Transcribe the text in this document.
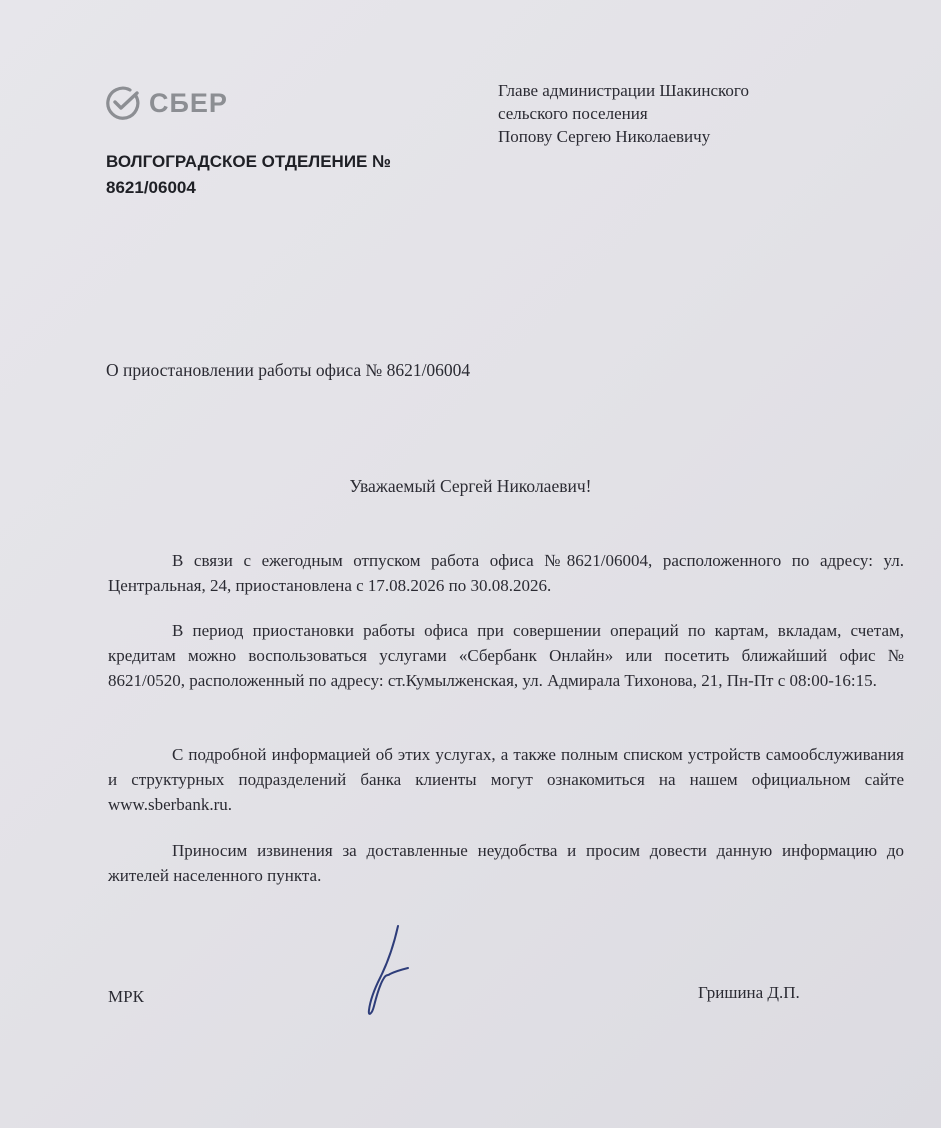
СБЕР
ВОЛГОГРАДСКОЕ ОТДЕЛЕНИЕ №
8621/06004
Главе администрации Шакинского
сельского поселения
Попову Сергею Николаевичу
О приостановлении работы офиса № 8621/06004
Уважаемый Сергей Николаевич!
В связи с ежегодным отпуском работа офиса №8621/06004, расположенного по адресу: ул. Центральная, 24, приостановлена с 17.08.2026 по 30.08.2026.
В период приостановки работы офиса при совершении операций по картам, вкладам, счетам, кредитам можно воспользоваться услугами «Сбербанк Онлайн» или посетить ближайший офис № 8621/0520, расположенный по адресу: ст.Кумылженская, ул. Адмирала Тихонова, 21, Пн-Пт с 08:00-16:15.
С подробной информацией об этих услугах, а также полным списком устройств самообслуживания и структурных подразделений банка клиенты могут ознакомиться на нашем официальном сайте www.sberbank.ru.
Приносим извинения за доставленные неудобства и просим довести данную информацию до жителей населенного пункта.
МРК	Гришина Д.П.
